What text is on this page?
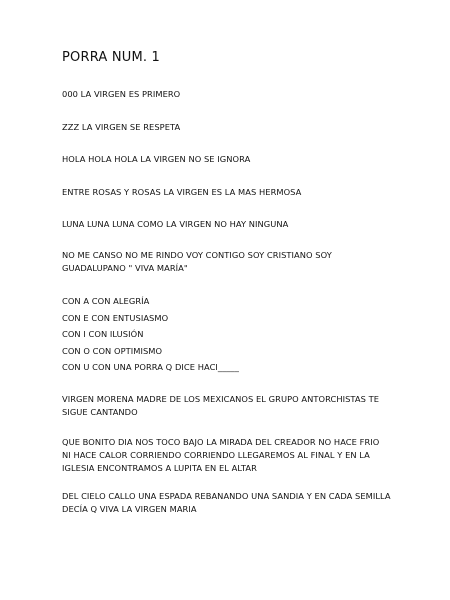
PORRA NUM. 1
000 LA VIRGEN ES PRIMERO
ZZZ LA VIRGEN SE RESPETA
HOLA HOLA HOLA LA VIRGEN NO SE IGNORA
ENTRE ROSAS Y ROSAS LA VIRGEN ES LA MAS HERMOSA
LUNA LUNA LUNA COMO LA VIRGEN NO HAY NINGUNA
NO ME CANSO NO ME RINDO VOY CONTIGO SOY CRISTIANO SOY
GUADALUPANO " VIVA MARÍA"
CON A CON ALEGRÍA
CON E CON ENTUSIASMO
CON I CON ILUSIÓN
CON O CON OPTIMISMO
CON U CON UNA PORRA Q DICE HACI_____
VIRGEN MORENA MADRE DE LOS MEXICANOS EL GRUPO ANTORCHISTAS TE
SIGUE CANTANDO
QUE BONITO DIA NOS TOCO BAJO LA MIRADA DEL CREADOR NO HACE FRIO
NI HACE CALOR CORRIENDO CORRIENDO LLEGAREMOS AL FINAL Y EN LA
IGLESIA ENCONTRAMOS A LUPITA EN EL ALTAR
DEL CIELO CALLO UNA ESPADA REBANANDO UNA SANDIA Y EN CADA SEMILLA
DECÍA Q VIVA LA VIRGEN MARIA
